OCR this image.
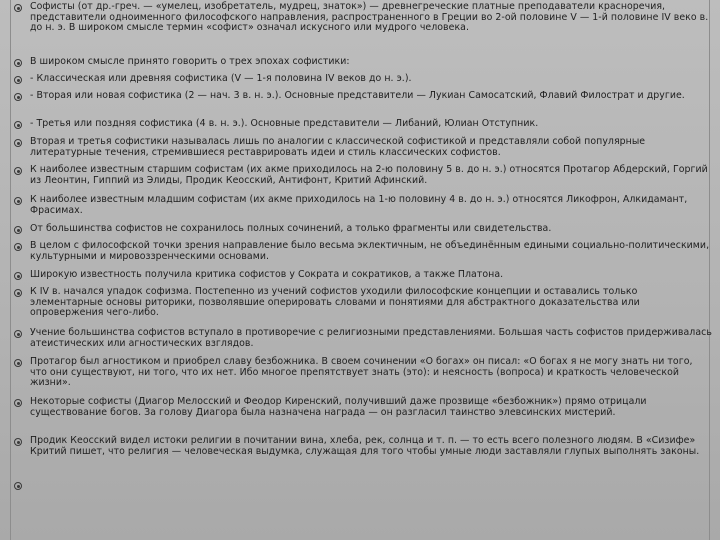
Софисты (от др.-греч. — «умелец, изобретатель, мудрец, знаток») — древнегреческие платные преподаватели красноречия, представители одноименного философского направления, распространенного в Греции во 2-ой половине V — 1-й половине IV веко в. до н. э. В широком смысле термин «софист» означал искусного или мудрого человека.
В широком смысле принято говорить о трех эпохах софистики:
- Классическая или древняя софистика (V — 1-я половина IV веков до н. э.).
- Вторая или новая софистика (2 — нач. 3 в. н. э.). Основные представители — Лукиан Самосатский, Флавий Филострат и другие.
- Третья или поздняя софистика (4 в. н. э.). Основные представители — Либаний, Юлиан Отступник.
Вторая и третья софистики называлась лишь по аналогии с классической софистикой и представляли собой популярные литературные течения, стремившиеся реставрировать идеи и стиль классических софистов.
К наиболее известным старшим софистам (их акме приходилось на 2-ю половину 5 в. до н. э.) относятся Протагор Абдерский, Горгий из Леонтин, Гиппий из Элиды, Продик Кеосский, Антифонт, Критий Афинский.
К наиболее известным младшим софистам (их акме приходилось на 1-ю половину 4 в. до н. э.) относятся Ликофрон, Алкидамант, Фрасимах.
От большинства софистов не сохранилось полных сочинений, а только фрагменты или свидетельства.
В целом с философской точки зрения направление было весьма эклектичным, не объединённым едиными социально-политическими, культурными и мировоззренческими основами.
Широкую известность получила критика софистов у Сократа и сократиков, а также Платона.
К IV в. начался упадок софизма. Постепенно из учений софистов уходили философские концепции и оставались только элементарные основы риторики, позволявшие оперировать словами и понятиями для абстрактного доказательства или опровержения чего-либо.
Учение большинства софистов вступало в противоречие с религиозными представлениями. Большая часть софистов придерживалась атеистических или агностических взглядов.
Протагор был агностиком и приобрел славу безбожника. В своем сочинении «О богах» он писал: «О богах я не могу знать ни того, что они существуют, ни того, что их нет. Ибо многое препятствует знать (это): и неясность (вопроса) и краткость человеческой жизни».
Некоторые софисты (Диагор Мелосский и Феодор Киренский, получивший даже прозвище «безбожник») прямо отрицали существование богов. За голову Диагора была назначена награда — он разгласил таинство элевсинских мистерий.
Продик Кеосский видел истоки религии в почитании вина, хлеба, рек, солнца и т. п. — то есть всего полезного людям. В «Сизифе» Критий пишет, что религия — человеческая выдумка, служащая для того чтобы умные люди заставляли глупых выполнять законы.
